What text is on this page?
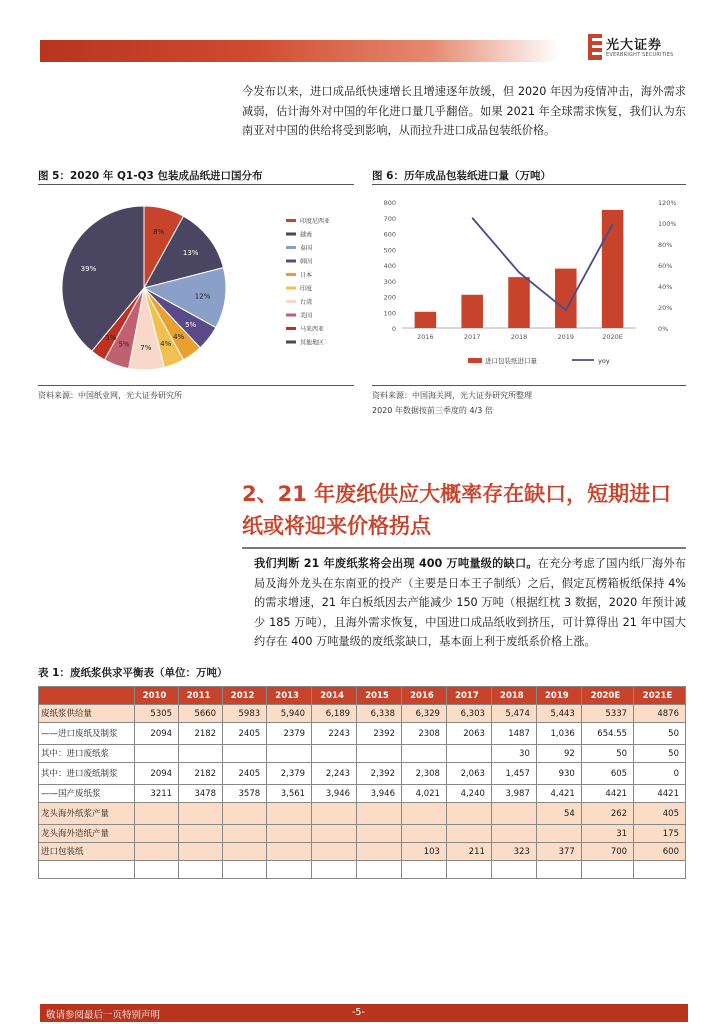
光大证券
EVERBRIGHT SECURITIES
今发布以来，进口成品纸快速增长且增速逐年放缓，但 2020 年因为疫情冲击，海外需求减弱，估计海外对中国的年化进口量几乎翻倍。如果 2021 年全球需求恢复，我们认为东南亚对中国的供给将受到影响，从而拉升进口成品包装纸价格。
图 5：2020 年 Q1-Q3 包装成品纸进口国分布
8%
13%
12%
5%
4%
4%
7%
5%
3%
39%
印度尼西亚
越南
泰国
韩国
日本
印度
台湾
美国
马来西亚
其他地区
资料来源：中国纸业网，光大证券研究所
图 6：历年成品包装纸进口量（万吨）
0
100
200
300
400
500
600
700
800
0%
20%
40%
60%
80%
100%
120%
2016	2017	2018	2019	2020E
进口包装纸进口量	yoy
资料来源：中国海关网，光大证券研究所整理
2020 年数据按前三季度的 4/3 倍
2、21 年废纸供应大概率存在缺口，短期进口纸或将迎来价格拐点
我们判断 21 年废纸浆将会出现 400 万吨量级的缺口。在充分考虑了国内纸厂海外布局及海外龙头在东南亚的投产（主要是日本王子制纸）之后，假定瓦楞箱板纸保持 4%的需求增速，21 年白板纸因去产能减少 150 万吨（根据红枕 3 数据，2020 年预计减少 185 万吨），且海外需求恢复，中国进口成品纸收到挤压，可计算得出 21 年中国大约存在 400 万吨量级的废纸浆缺口，基本面上利于废纸系价格上涨。
表 1：废纸浆供求平衡表（单位：万吨）
	2010	2011	2012	2013	2014	2015	2016	2017	2018	2019	2020E	2021E
废纸浆供给量	5305	5660	5983	5,940	6,189	6,338	6,329	6,303	5,474	5,443	5337	4876
——进口废纸及制浆	2094	2182	2405	2379	2243	2392	2308	2063	1487	1,036	654.55	50
其中：进口废纸浆									30	92	50	50
其中：进口废纸制浆	2094	2182	2405	2,379	2,243	2,392	2,308	2,063	1,457	930	605	0
——国产废纸浆	3211	3478	3578	3,561	3,946	3,946	4,021	4,240	3,987	4,421	4421	4421
龙头海外纸浆产量										54	262	405
龙头海外造纸产量											31	175
进口包装纸							103	211	323	377	700	600

敬请参阅最后一页特别声明	-5-
